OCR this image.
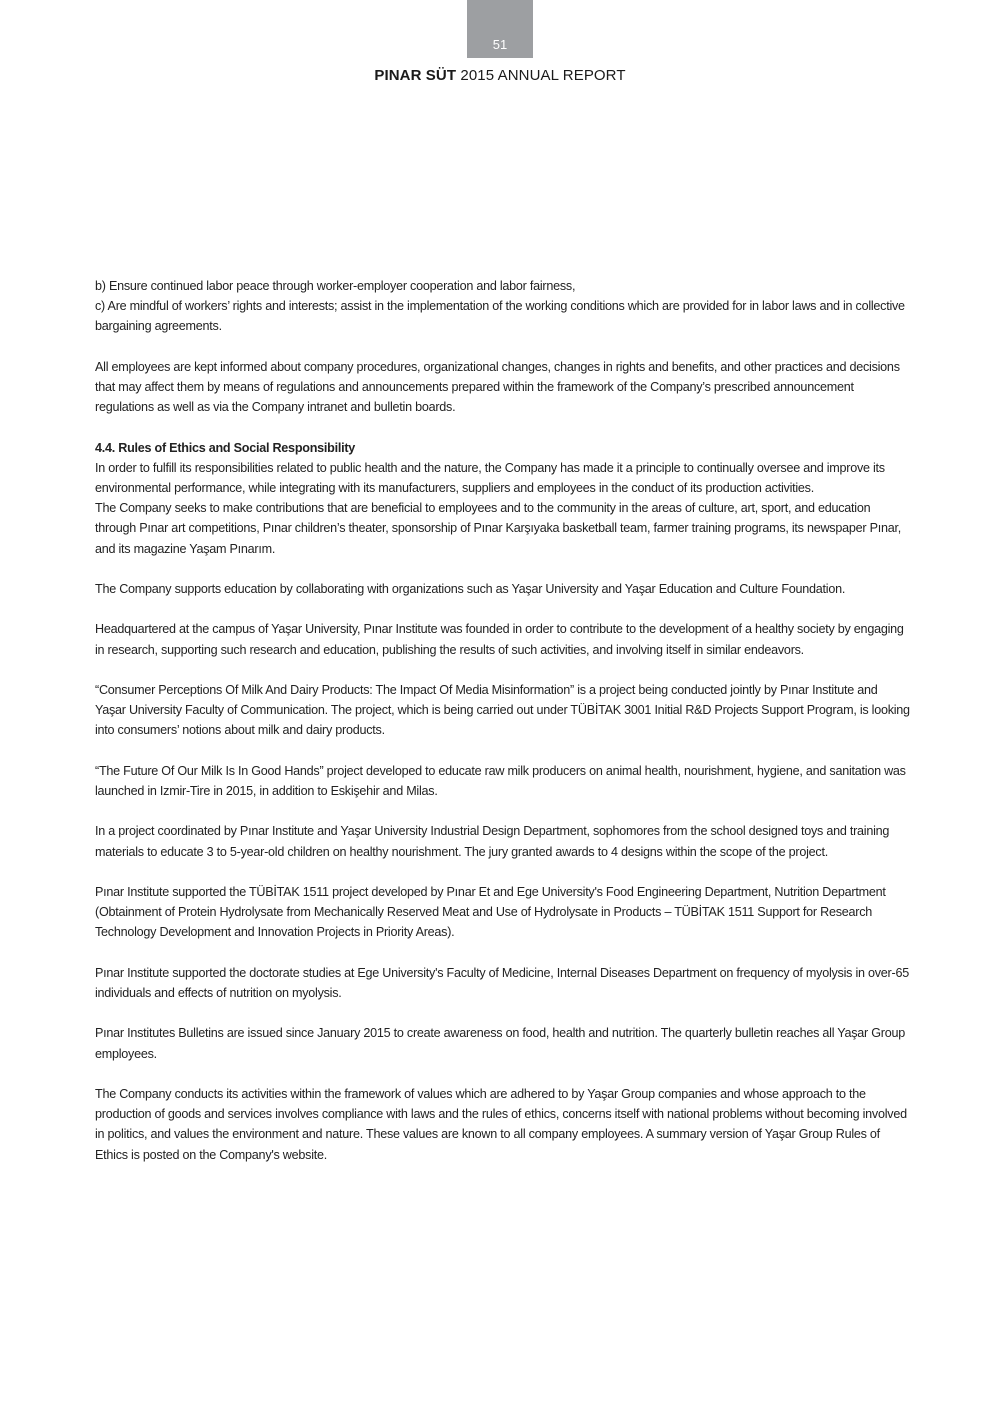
51
PINAR SÜT 2015 ANNUAL REPORT

b) Ensure continued labor peace through worker-employer cooperation and labor fairness,

c) Are mindful of workers’ rights and interests; assist in the implementation of the working conditions which are provided for in labor laws and in collective bargaining agreements.

All employees are kept informed about company procedures, organizational changes, changes in rights and benefits, and other practices and decisions that may affect them by means of regulations and announcements prepared within the framework of the Company’s prescribed announcement regulations as well as via the Company intranet and bulletin boards.

4.4. Rules of Ethics and Social Responsibility

In order to fulfill its responsibilities related to public health and the nature, the Company has made it a principle to continually oversee and improve its environmental performance, while integrating with its manufacturers, suppliers and employees in the conduct of its production activities.

The Company seeks to make contributions that are beneficial to employees and to the community in the areas of culture, art, sport, and education through Pınar art competitions, Pınar children’s theater, sponsorship of Pınar Karşıyaka basketball team, farmer training programs, its newspaper Pınar, and its magazine Yaşam Pınarım.

The Company supports education by collaborating with organizations such as Yaşar University and Yaşar Education and Culture Foundation.

Headquartered at the campus of Yaşar University, Pınar Institute was founded in order to contribute to the development of a healthy society by engaging in research, supporting such research and education, publishing the results of such activities, and involving itself in similar endeavors.

“Consumer Perceptions Of Milk And Dairy Products: The Impact Of Media Misinformation” is a project being conducted jointly by Pınar Institute and Yaşar University Faculty of Communication. The project, which is being carried out under TÜBİTAK 3001 Initial R&D Projects Support Program, is looking into consumers’ notions about milk and dairy products.

“The Future Of Our Milk Is In Good Hands” project developed to educate raw milk producers on animal health, nourishment, hygiene, and sanitation was launched in Izmir-Tire in 2015, in addition to Eskişehir and Milas.

In a project coordinated by Pınar Institute and Yaşar University Industrial Design Department, sophomores from the school designed toys and training materials to educate 3 to 5-year-old children on healthy nourishment. The jury granted awards to 4 designs within the scope of the project.

Pınar Institute supported the TÜBİTAK 1511 project developed by Pınar Et and Ege University's Food Engineering Department, Nutrition Department (Obtainment of Protein Hydrolysate from Mechanically Reserved Meat and Use of Hydrolysate in Products – TÜBİTAK 1511 Support for Research Technology Development and Innovation Projects in Priority Areas).

Pınar Institute supported the doctorate studies at Ege University's Faculty of Medicine, Internal Diseases Department on frequency of myolysis in over-65 individuals and effects of nutrition on myolysis.

Pınar Institutes Bulletins are issued since January 2015 to create awareness on food, health and nutrition. The quarterly bulletin reaches all Yaşar Group employees.

The Company conducts its activities within the framework of values which are adhered to by Yaşar Group companies and whose approach to the production of goods and services involves compliance with laws and the rules of ethics, concerns itself with national problems without becoming involved in politics, and values the environment and nature. These values are known to all company employees. A summary version of Yaşar Group Rules of Ethics is posted on the Company's website.
